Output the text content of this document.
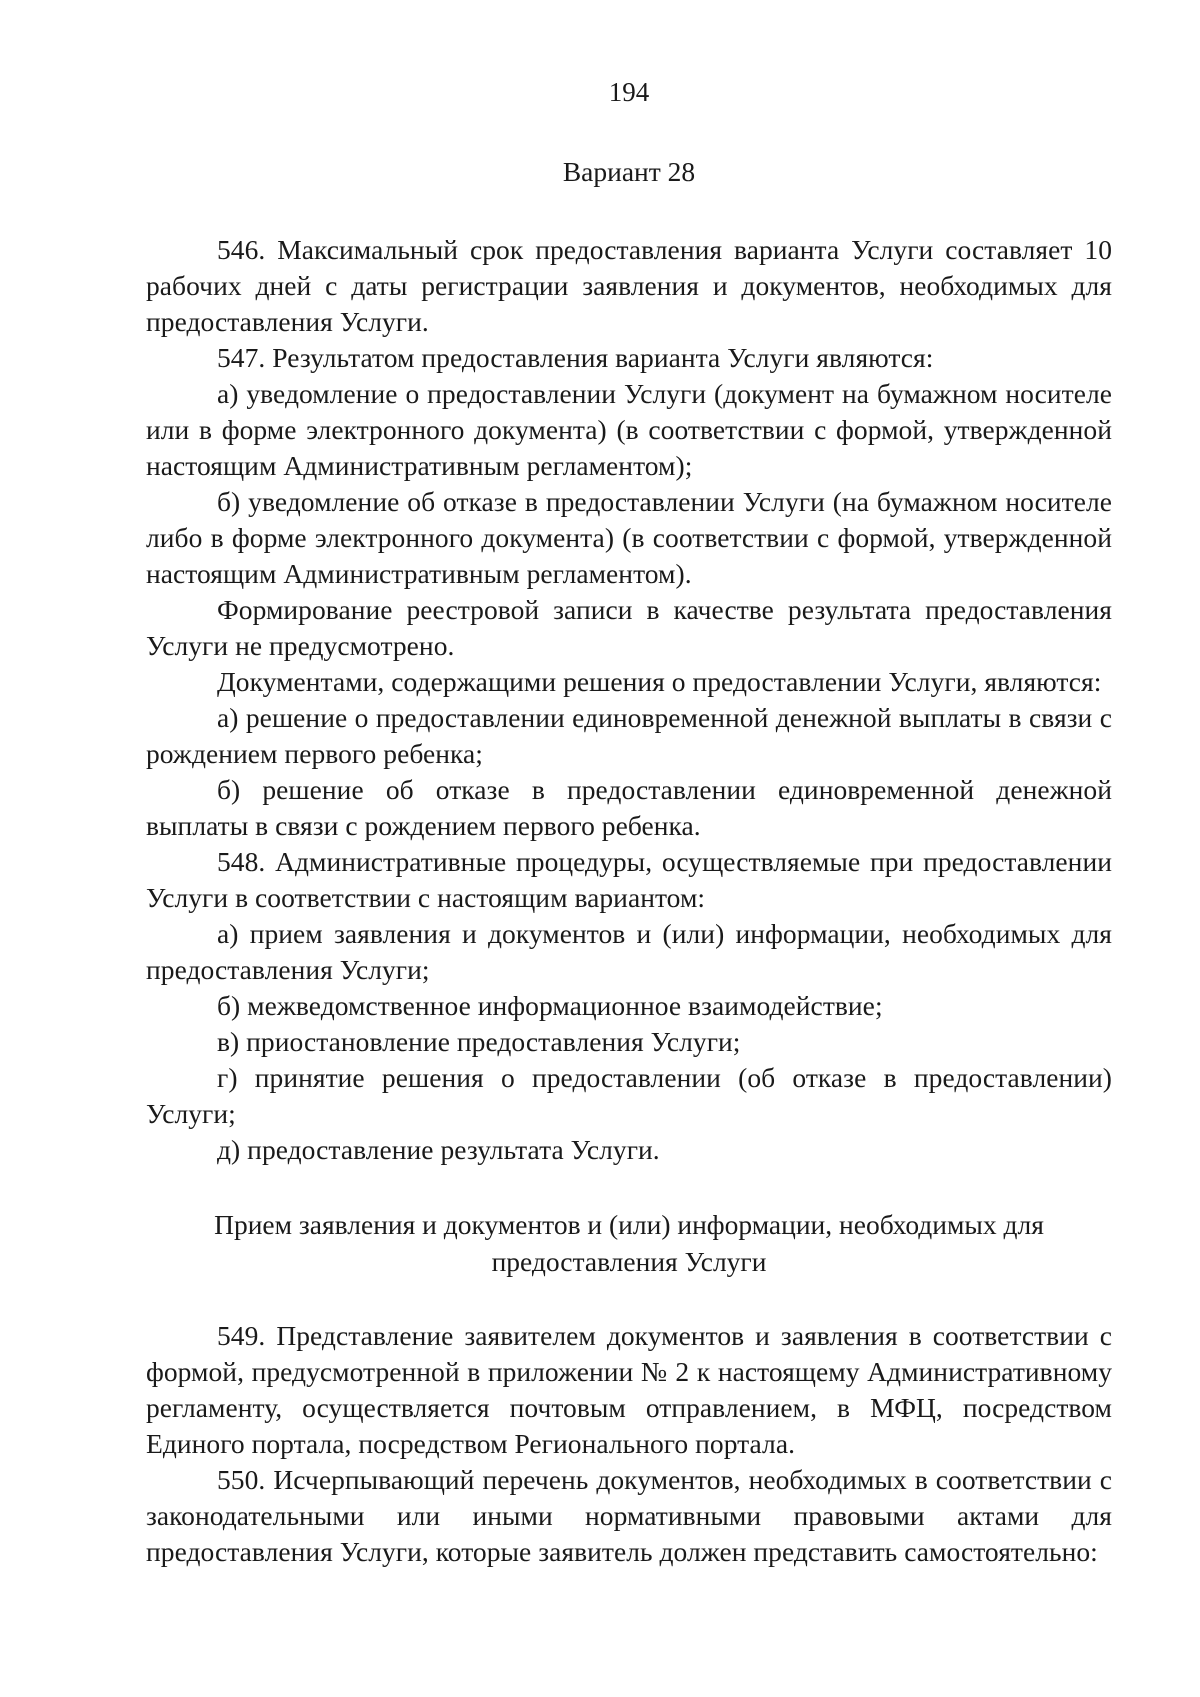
194
Вариант 28

546. Максимальный срок предоставления варианта Услуги составляет 10 рабочих дней с даты регистрации заявления и документов, необходимых для предоставления Услуги.

547. Результатом предоставления варианта Услуги являются:

а) уведомление о предоставлении Услуги (документ на бумажном носителе или в форме электронного документа) (в соответствии с формой, утвержденной настоящим Административным регламентом);

б) уведомление об отказе в предоставлении Услуги (на бумажном носителе либо в форме электронного документа) (в соответствии с формой, утвержденной настоящим Административным регламентом).

Формирование реестровой записи в качестве результата предоставления Услуги не предусмотрено.

Документами, содержащими решения о предоставлении Услуги, являются:

а) решение о предоставлении единовременной денежной выплаты в связи с рождением первого ребенка;

б) решение об отказе в предоставлении единовременной денежной выплаты в связи с рождением первого ребенка.

548. Административные процедуры, осуществляемые при предоставлении Услуги в соответствии с настоящим вариантом:

а) прием заявления и документов и (или) информации, необходимых для предоставления Услуги;

б) межведомственное информационное взаимодействие;

в) приостановление предоставления Услуги;

г) принятие решения о предоставлении (об отказе в предоставлении) Услуги;

д) предоставление результата Услуги.

Прием заявления и документов и (или) информации, необходимых для предоставления Услуги

549. Представление заявителем документов и заявления в соответствии с формой, предусмотренной в приложении № 2 к настоящему Административному регламенту, осуществляется почтовым отправлением, в МФЦ, посредством Единого портала, посредством Регионального портала.

550. Исчерпывающий перечень документов, необходимых в соответствии с законодательными или иными нормативными правовыми актами для предоставления Услуги, которые заявитель должен представить самостоятельно:
